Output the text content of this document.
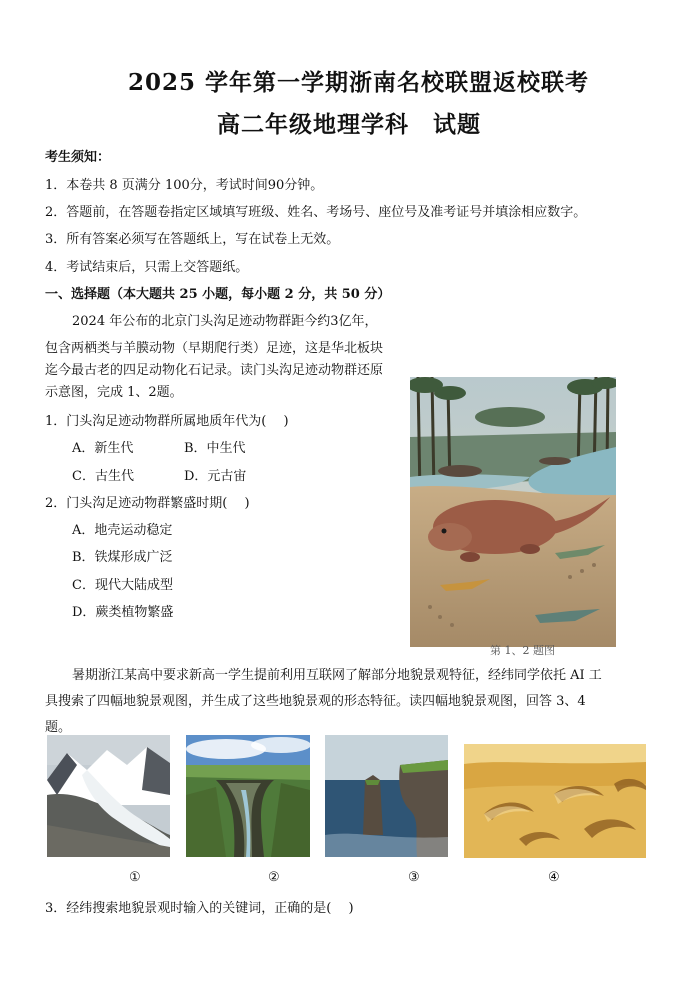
2025 学年第一学期浙南名校联盟返校联考
高二年级地理学科　试题
考生须知：
1．本卷共 8 页满分 100分，考试时间90分钟。
2．答题前，在答题卷指定区域填写班级、姓名、考场号、座位号及准考证号并填涂相应数字。
3．所有答案必须写在答题纸上，写在试卷上无效。
4．考试结束后，只需上交答题纸。
一、选择题（本大题共 25 小题，每小题 2 分，共 50 分）
2024 年公布的北京门头沟足迹动物群距今约3亿年，
包含两栖类与羊膜动物（早期爬行类）足迹，这是华北板块
迄今最古老的四足动物化石记录。读门头沟足迹动物群还原
示意图，完成 1、2题。
1．门头沟足迹动物群所属地质年代为(　 )
A．新生代	B．中生代
C．古生代	D．元古宙
2．门头沟足迹动物群繁盛时期(　 )
A．地壳运动稳定
B．铁煤形成广泛
C．现代大陆成型
D．蕨类植物繁盛
第 1、2 题图
暑期浙江某高中要求新高一学生提前利用互联网了解部分地貌景观特征，经纬同学依托 AI 工
具搜索了四幅地貌景观图，并生成了这些地貌景观的形态特征。读四幅地貌景观图，回答 3、4
题。
①	②	③	④
3．经纬搜索地貌景观时输入的关键词，正确的是(　 )
